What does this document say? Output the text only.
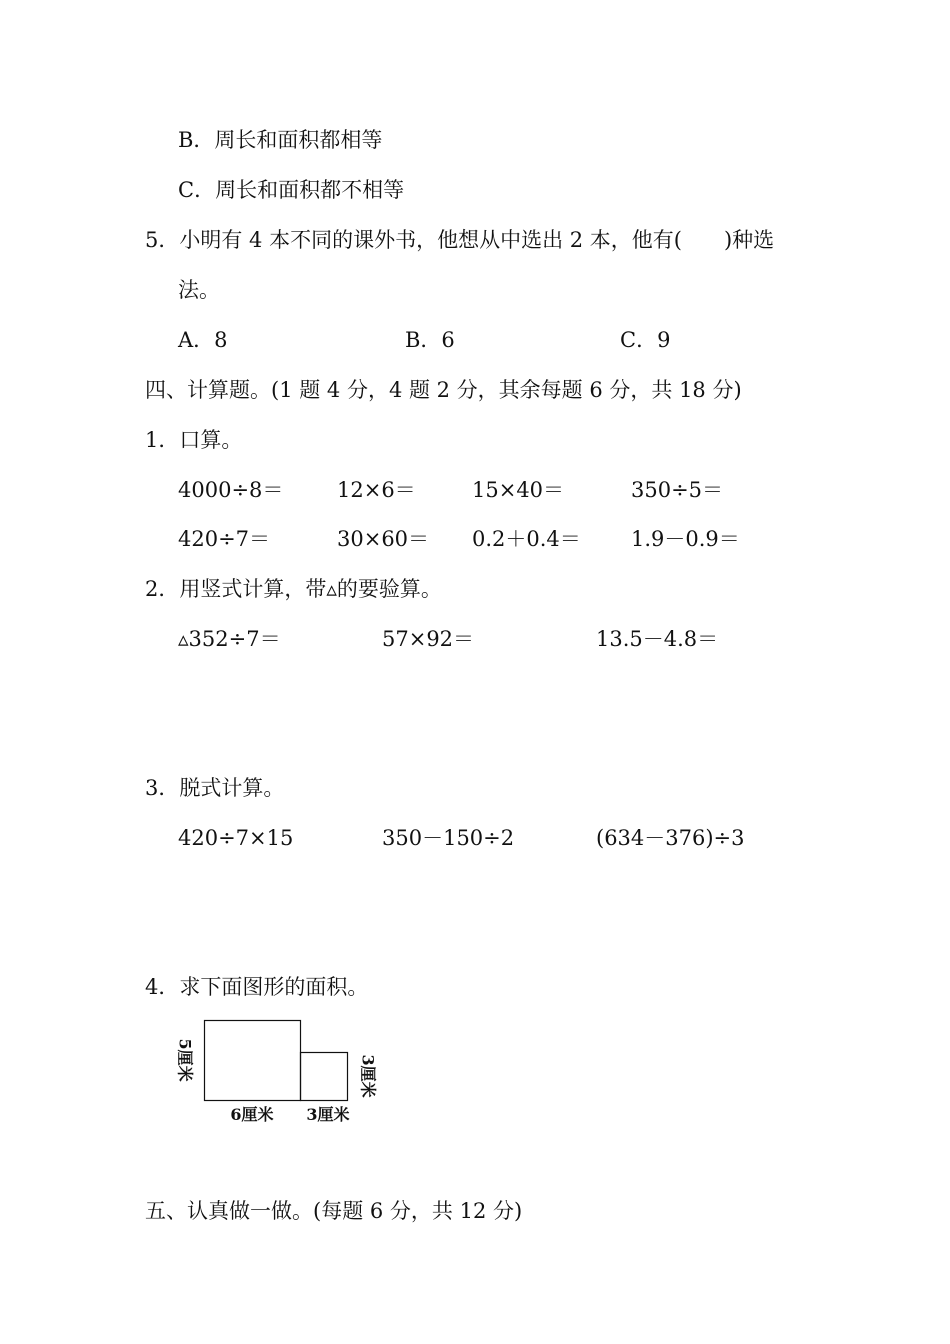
B．周长和面积都相等
C．周长和面积都不相等
5．小明有 4 本不同的课外书，他想从中选出 2 本，他有(　　)种选
法。
A．8	B．6	C．9
四、计算题。(1 题 4 分，4 题 2 分，其余每题 6 分，共 18 分)
1．口算。
4000÷8＝	12×6＝	15×40＝	350÷5＝
420÷7＝	30×60＝ 0.2＋0.4＝ 1.9－0.9＝
2．用竖式计算，带▵的要验算。
▵352÷7＝	57×92＝	13.5－4.8＝
3．脱式计算。
420÷7×15	350－150÷2	(634－376)÷3
4．求下面图形的面积。
5厘米
6厘米 3厘米
3厘米
五、认真做一做。(每题 6 分，共 12 分)
